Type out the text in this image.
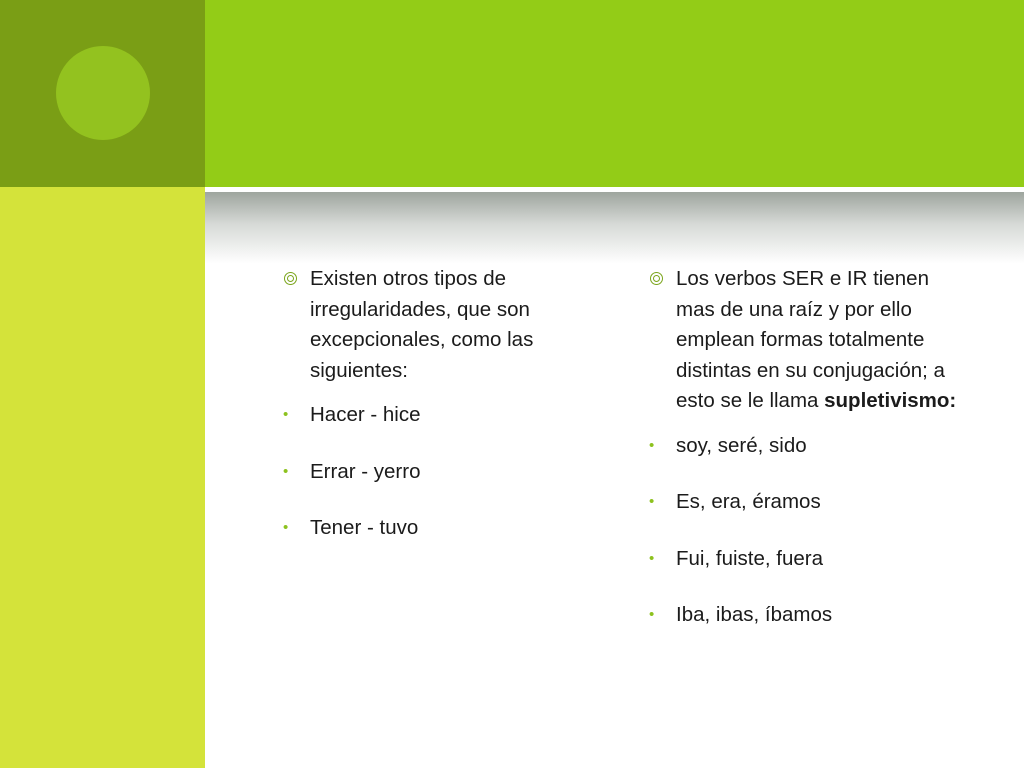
Existen otros tipos de irregularidades, que son excepcionales, como las siguientes:
• Hacer - hice
• Errar - yerro
• Tener - tuvo
Los verbos SER e IR tienen mas de una raíz y por ello emplean formas totalmente distintas en su conjugación; a esto se le llama supletivismo:
• soy, seré, sido
• Es, era, éramos
• Fui, fuiste, fuera
• Iba, ibas, íbamos
